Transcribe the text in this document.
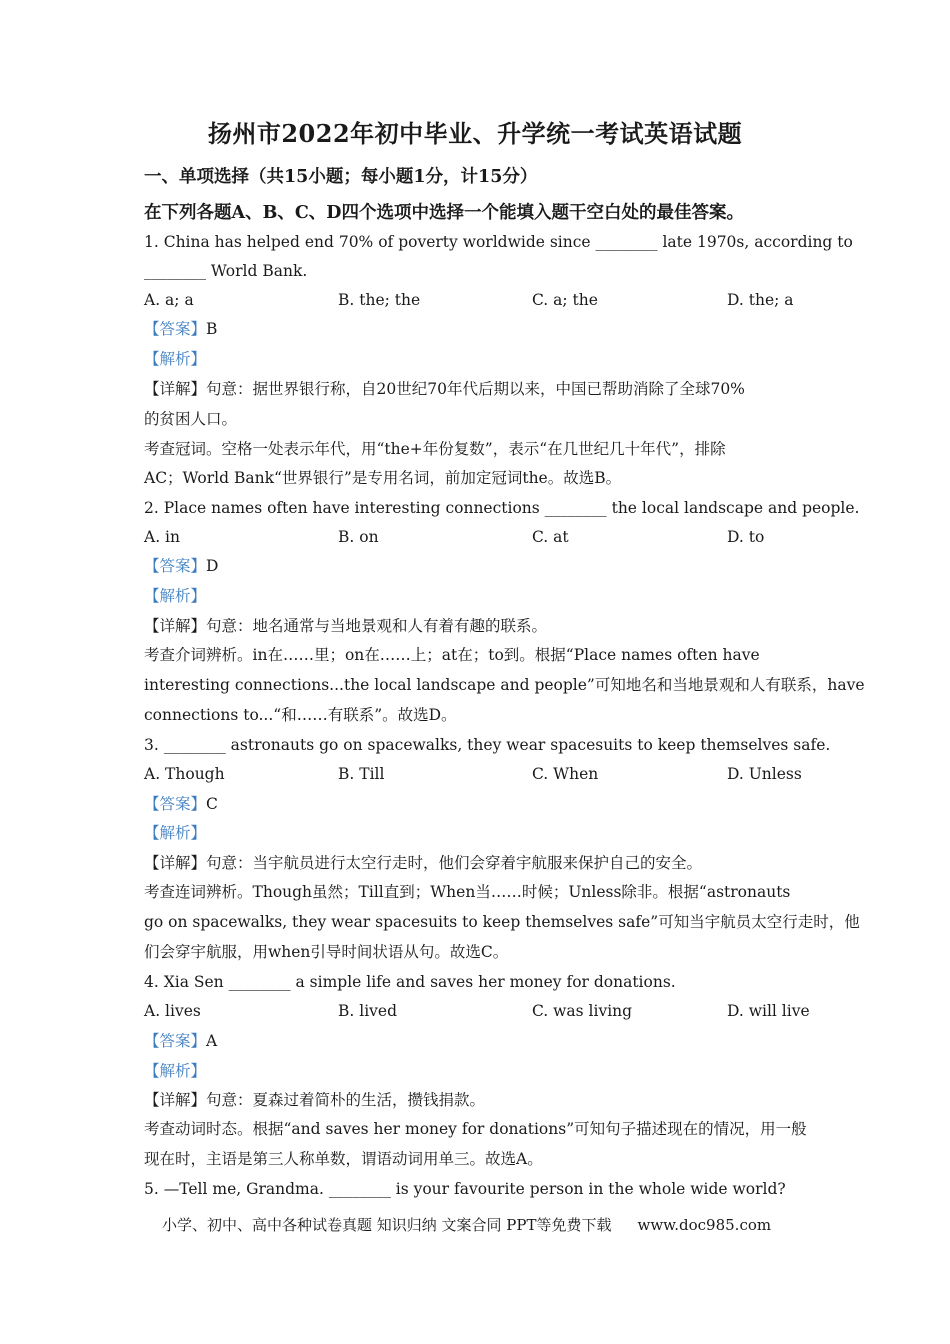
扬州市2022年初中毕业、升学统一考试英语试题
一、单项选择（共15小题；每小题1分，计15分）
在下列各题A、B、C、D四个选项中选择一个能填入题干空白处的最佳答案。
1. China has helped end 70% of poverty worldwide since ________ late 1970s, according to
________ World Bank.
A. a; a	B. the; the	C. a; the	D. the; a
【答案】B
【解析】
【详解】句意：据世界银行称，自20世纪70年代后期以来，中国已帮助消除了全球70%
的贫困人口。
考查冠词。空格一处表示年代，用“the+年份复数”，表示“在几世纪几十年代”，排除
AC；World Bank“世界银行”是专用名词，前加定冠词the。故选B。
2. Place names often have interesting connections ________ the local landscape and people.
A. in	B. on	C. at	D. to
【答案】D
【解析】
【详解】句意：地名通常与当地景观和人有着有趣的联系。
考查介词辨析。in在……里；on在……上；at在；to到。根据“Place names often have
interesting connections...the local landscape and people”可知地名和当地景观和人有联系，have
connections to...“和……有联系”。故选D。
3. ________ astronauts go on spacewalks, they wear spacesuits to keep themselves safe.
A. Though	B. Till	C. When	D. Unless
【答案】C
【解析】
【详解】句意：当宇航员进行太空行走时，他们会穿着宇航服来保护自己的安全。
考查连词辨析。Though虽然；Till直到；When当……时候；Unless除非。根据“astronauts
go on spacewalks, they wear spacesuits to keep themselves safe”可知当宇航员太空行走时，他
们会穿宇航服，用when引导时间状语从句。故选C。
4. Xia Sen ________ a simple life and saves her money for donations.
A. lives	B. lived	C. was living	D. will live
【答案】A
【解析】
【详解】句意：夏森过着简朴的生活，攒钱捐款。
考查动词时态。根据“and saves her money for donations”可知句子描述现在的情况，用一般
现在时，主语是第三人称单数，谓语动词用单三。故选A。
5. —Tell me, Grandma. ________ is your favourite person in the whole wide world?
小学、初中、高中各种试卷真题 知识归纳 文案合同 PPT等免费下载 www.doc985.com
